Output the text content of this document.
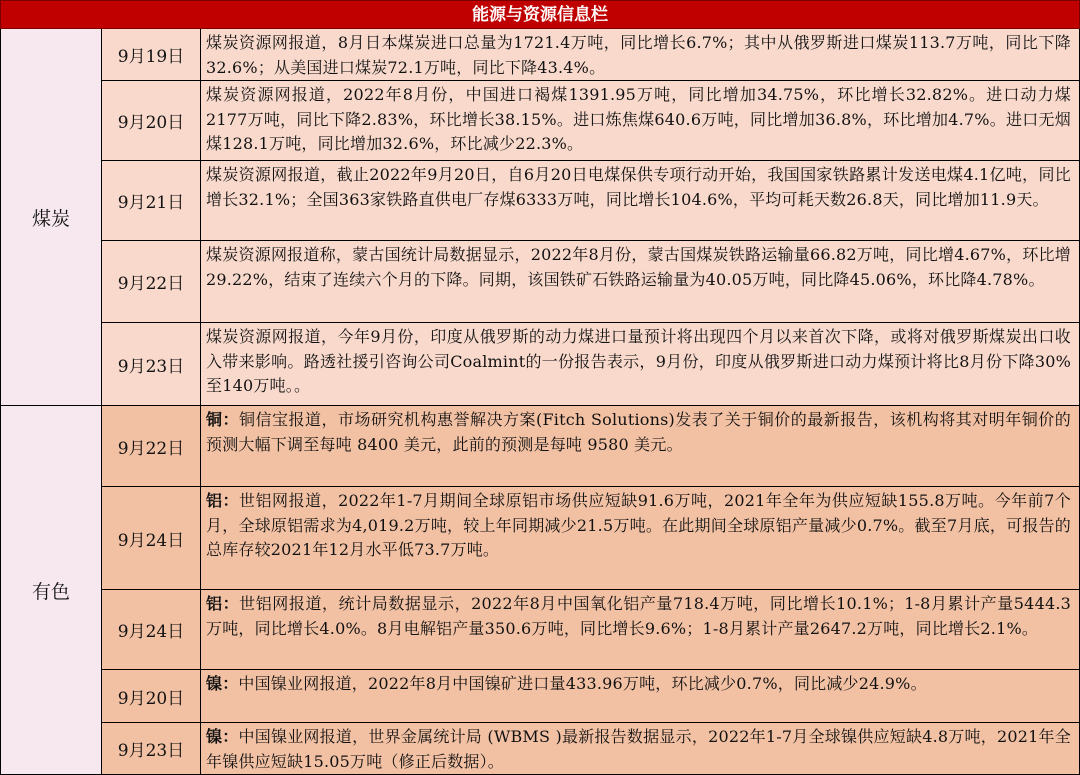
能源与资源信息栏
煤炭
9月19日
煤炭资源网报道，8月日本煤炭进口总量为1721.4万吨，同比增长6.7%；其中从俄罗斯进口煤炭113.7万吨，同比下降32.6%；从美国进口煤炭72.1万吨，同比下降43.4%。
9月20日
煤炭资源网报道，2022年8月份，中国进口褐煤1391.95万吨，同比增加34.75%，环比增长32.82%。进口动力煤2177万吨，同比下降2.83%，环比增长38.15%。进口炼焦煤640.6万吨，同比增加36.8%，环比增加4.7%。进口无烟煤128.1万吨，同比增加32.6%，环比减少22.3%。
9月21日
煤炭资源网报道，截止2022年9月20日，自6月20日电煤保供专项行动开始，我国国家铁路累计发送电煤4.1亿吨，同比增长32.1%；全国363家铁路直供电厂存煤6333万吨，同比增长104.6%，平均可耗天数26.8天，同比增加11.9天。
9月22日
煤炭资源网报道称，蒙古国统计局数据显示，2022年8月份，蒙古国煤炭铁路运输量66.82万吨，同比增4.67%，环比增29.22%，结束了连续六个月的下降。同期，该国铁矿石铁路运输量为40.05万吨，同比降45.06%，环比降4.78%。
9月23日
煤炭资源网报道，今年9月份，印度从俄罗斯的动力煤进口量预计将出现四个月以来首次下降，或将对俄罗斯煤炭出口收入带来影响。路透社援引咨询公司Coalmint的一份报告表示，9月份，印度从俄罗斯进口动力煤预计将比8月份下降30%至140万吨。。
有色
9月22日
铜：铜信宝报道，市场研究机构惠誉解决方案(Fitch Solutions)发表了关于铜价的最新报告，该机构将其对明年铜价的预测大幅下调至每吨 8400 美元，此前的预测是每吨 9580 美元。
9月24日
铝：世铝网报道，2022年1-7月期间全球原铝市场供应短缺91.6万吨，2021年全年为供应短缺155.8万吨。今年前7个月，全球原铝需求为4,019.2万吨，较上年同期减少21.5万吨。在此期间全球原铝产量减少0.7%。截至7月底，可报告的总库存较2021年12月水平低73.7万吨。
9月24日
铝：世铝网报道，统计局数据显示，2022年8月中国氧化铝产量718.4万吨，同比增长10.1%；1-8月累计产量5444.3万吨，同比增长4.0%。8月电解铝产量350.6万吨，同比增长9.6%；1-8月累计产量2647.2万吨，同比增长2.1%。
9月20日
镍：中国镍业网报道，2022年8月中国镍矿进口量433.96万吨，环比减少0.7%，同比减少24.9%。
9月23日
镍：中国镍业网报道，世界金属统计局 (WBMS )最新报告数据显示，2022年1-7月全球镍供应短缺4.8万吨，2021年全年镍供应短缺15.05万吨（修正后数据）。
